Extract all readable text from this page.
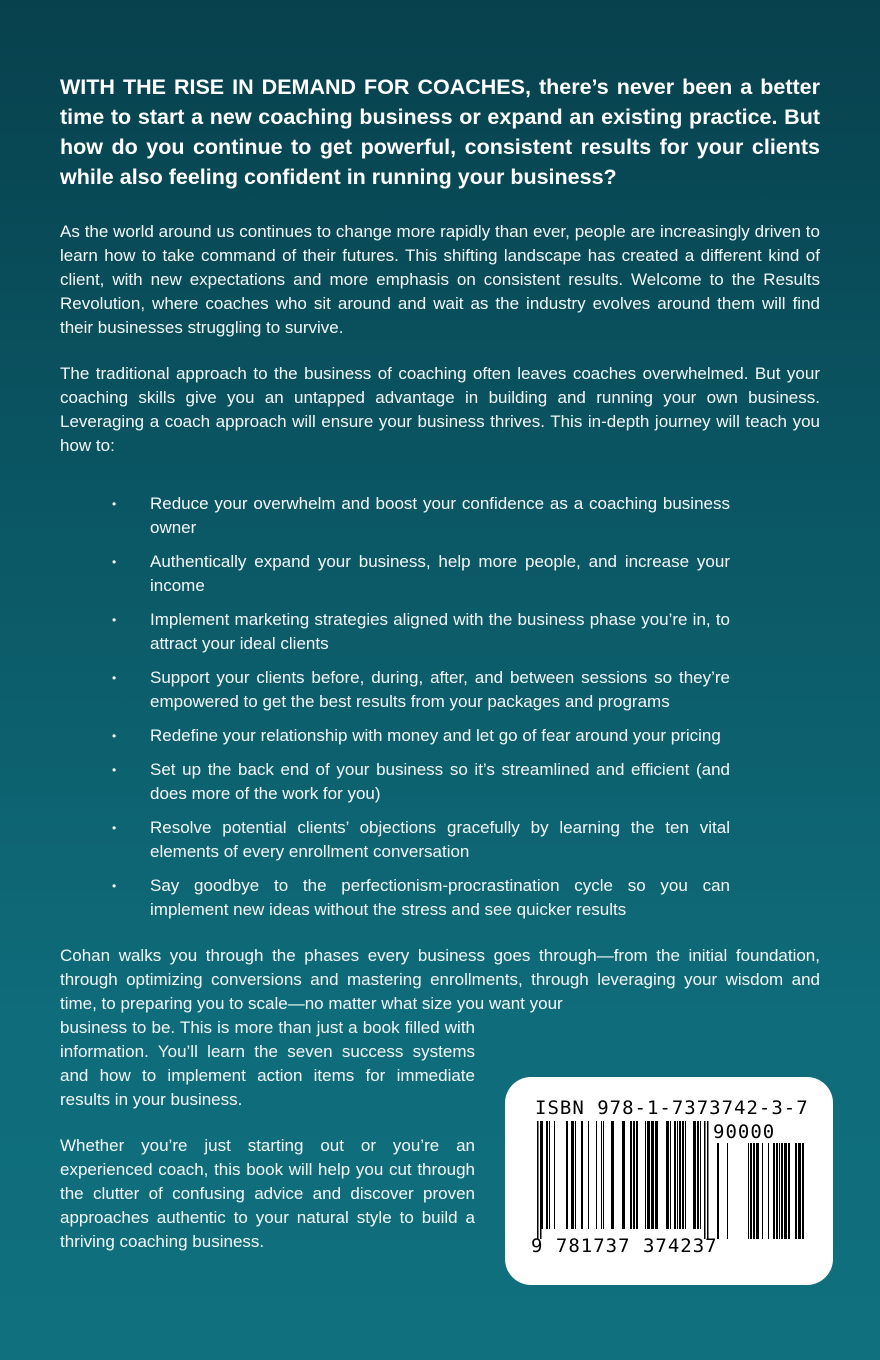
WITH THE RISE IN DEMAND FOR COACHES, there’s never been a better time to start a new coaching business or expand an existing practice. But how do you continue to get powerful, consistent results for your clients while also feeling confident in running your business?

As the world around us continues to change more rapidly than ever, people are increasingly driven to learn how to take command of their futures. This shifting landscape has created a different kind of client, with new expectations and more emphasis on consistent results. Welcome to the Results Revolution, where coaches who sit around and wait as the industry evolves around them will find their businesses struggling to survive.

The traditional approach to the business of coaching often leaves coaches overwhelmed. But your coaching skills give you an untapped advantage in building and running your own business. Leveraging a coach approach will ensure your business thrives. This in-depth journey will teach you how to:

• Reduce your overwhelm and boost your confidence as a coaching business owner
• Authentically expand your business, help more people, and increase your income
• Implement marketing strategies aligned with the business phase you’re in, to attract your ideal clients
• Support your clients before, during, after, and between sessions so they’re empowered to get the best results from your packages and programs
• Redefine your relationship with money and let go of fear around your pricing
• Set up the back end of your business so it’s streamlined and efficient (and does more of the work for you)
• Resolve potential clients’ objections gracefully by learning the ten vital elements of every enrollment conversation
• Say goodbye to the perfectionism-procrastination cycle so you can implement new ideas without the stress and see quicker results

Cohan walks you through the phases every business goes through—from the initial foundation, through optimizing conversions and mastering enrollments, through leveraging your wisdom and time, to preparing you to scale—no matter what size you want your

business to be. This is more than just a book filled with information. You’ll learn the seven success systems and how to implement action items for immediate results in your business.

Whether you’re just starting out or you’re an experienced coach, this book will help you cut through the clutter of confusing advice and discover proven approaches authentic to your natural style to build a thriving coaching business.

ISBN 978-1-7373742-3-7
90000
9 781737 374237
